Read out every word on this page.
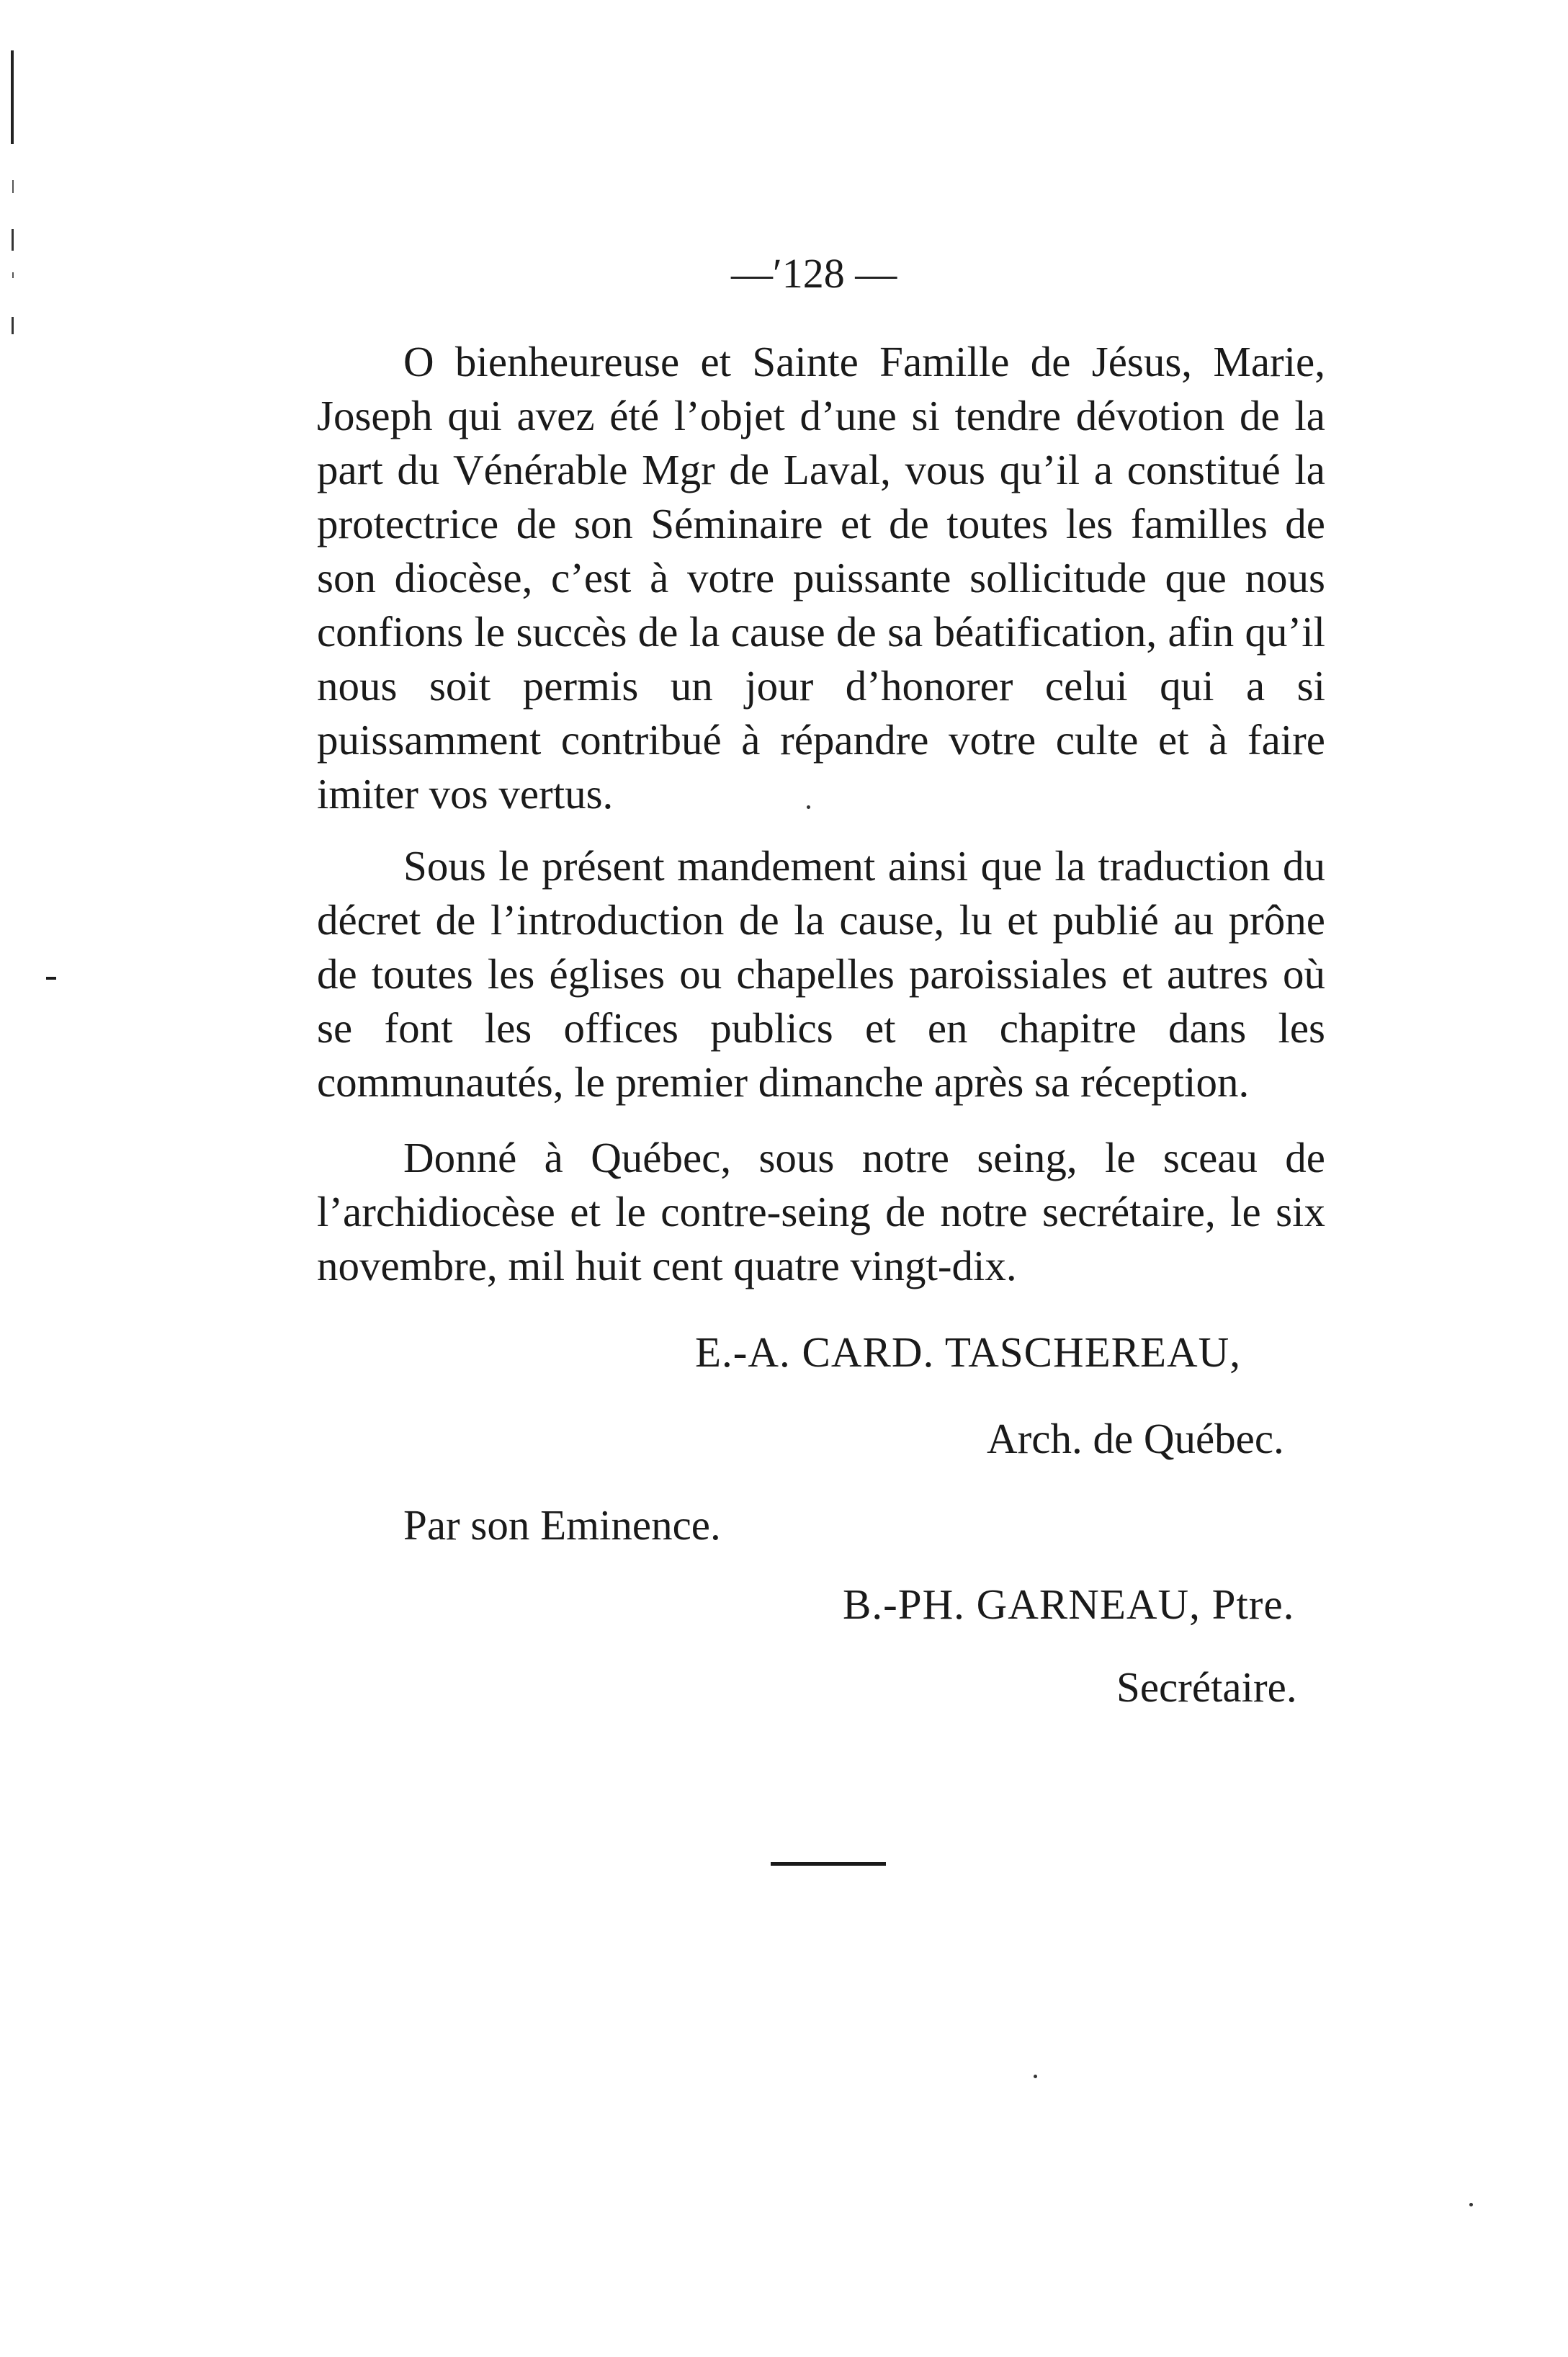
—′128 —

O bienheureuse et Sainte Famille de Jésus, Marie, Joseph qui avez été l’objet d’une si tendre dévotion de la part du Vénérable Mgr de Laval, vous qu’il a constitué la protectrice de son Séminaire et de toutes les familles de son diocèse, c’est à votre puissante sollicitude que nous confions le succès de la cause de sa béatification, afin qu’il nous soit permis un jour d’honorer celui qui a si puissamment contribué à répandre votre culte et à faire imiter vos vertus.

Sous le présent mandement ainsi que la traduction du décret de l’introduction de la cause, lu et publié au prône de toutes les églises ou chapelles paroissiales et autres où se font les offices publics et en chapitre dans les communautés, le premier dimanche après sa réception.

Donné à Québec, sous notre seing, le sceau de l’archidiocèse et le contre-seing de notre secrétaire, le six novembre, mil huit cent quatre vingt-dix.

E.-A. CARD. TASCHEREAU,
Arch. de Québec.
Par son Eminence.
B.-PH. GARNEAU, Ptre.
Secrétaire.
